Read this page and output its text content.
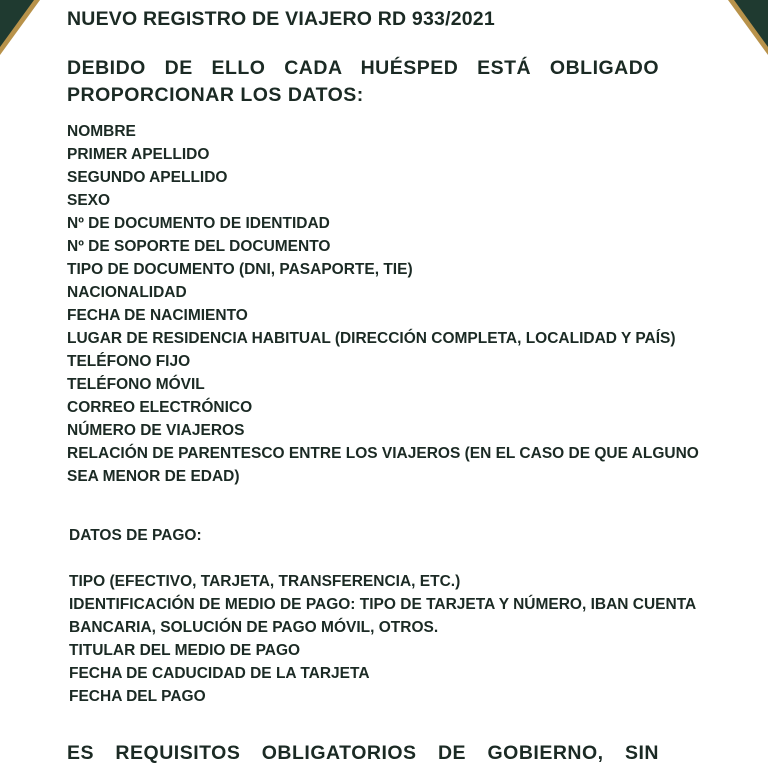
NUEVO REGISTRO DE VIAJERO RD 933/2021

DEBIDO DE ELLO CADA HUÉSPED ESTÁ OBLIGADO PROPORCIONAR LOS DATOS:

NOMBRE
PRIMER APELLIDO
SEGUNDO APELLIDO
SEXO
Nº DE DOCUMENTO DE IDENTIDAD
Nº DE SOPORTE DEL DOCUMENTO
TIPO DE DOCUMENTO (DNI, PASAPORTE, TIE)
NACIONALIDAD
FECHA DE NACIMIENTO
LUGAR DE RESIDENCIA HABITUAL (DIRECCIÓN COMPLETA, LOCALIDAD Y PAÍS)
TELÉFONO FIJO
TELÉFONO MÓVIL
CORREO ELECTRÓNICO
NÚMERO DE VIAJEROS
RELACIÓN DE PARENTESCO ENTRE LOS VIAJEROS (EN EL CASO DE QUE ALGUNO SEA MENOR DE EDAD)

DATOS DE PAGO:

TIPO (EFECTIVO, TARJETA, TRANSFERENCIA, ETC.)
IDENTIFICACIÓN DE MEDIO DE PAGO: TIPO DE TARJETA Y NÚMERO, IBAN CUENTA BANCARIA, SOLUCIÓN DE PAGO MÓVIL, OTROS.
TITULAR DEL MEDIO DE PAGO
FECHA DE CADUCIDAD DE LA TARJETA
FECHA DEL PAGO

ES REQUISITOS OBLIGATORIOS DE GOBIERNO, SIN
